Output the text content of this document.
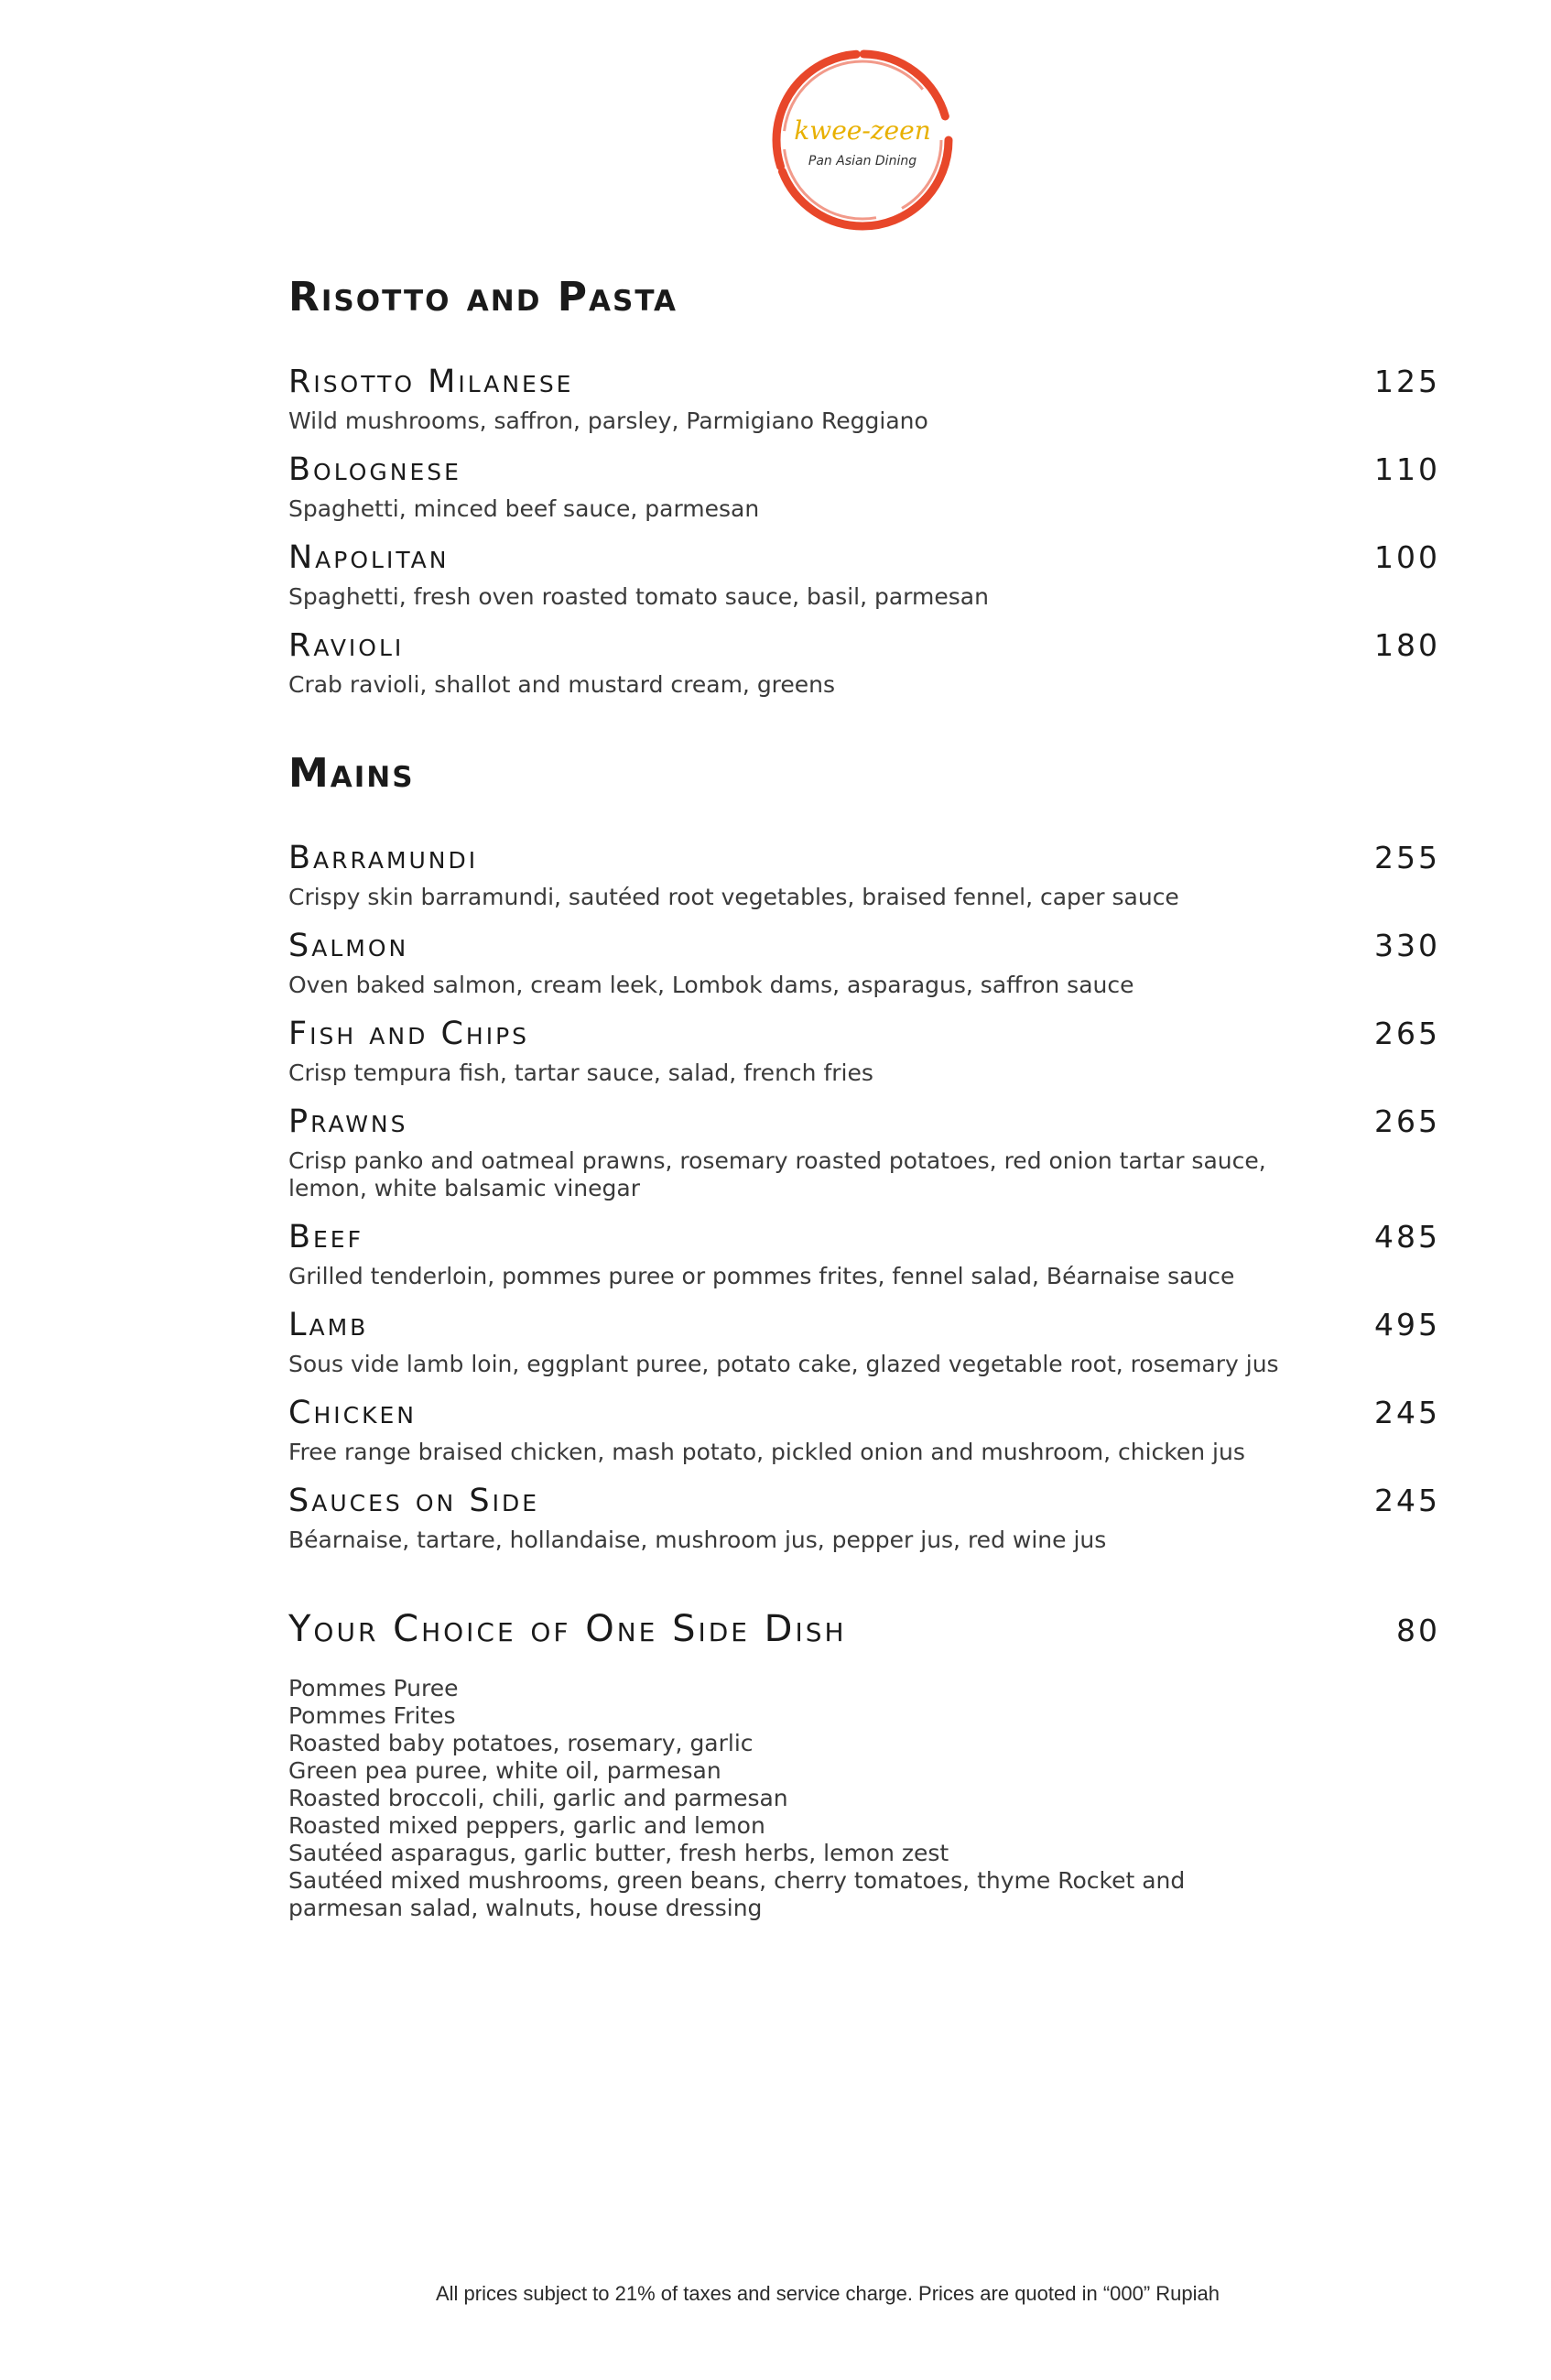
kwee-zeen
Pan Asian Dining
Risotto and Pasta
Risotto Milanese	125
Wild mushrooms, saffron, parsley, Parmigiano Reggiano
Bolognese	110
Spaghetti, minced beef sauce, parmesan
Napolitan	100
Spaghetti, fresh oven roasted tomato sauce, basil, parmesan
Ravioli	180
Crab ravioli, shallot and mustard cream, greens
Mains
Barramundi	255
Crispy skin barramundi, sautéed root vegetables, braised fennel, caper sauce
Salmon	330
Oven baked salmon, cream leek, Lombok dams, asparagus, saffron sauce
Fish and Chips	265
Crisp tempura fish, tartar sauce, salad, french fries
Prawns	265
Crisp panko and oatmeal prawns, rosemary roasted potatoes, red onion tartar sauce, lemon, white balsamic vinegar
Beef	485
Grilled tenderloin, pommes puree or pommes frites, fennel salad, Béarnaise sauce
Lamb	495
Sous vide lamb loin, eggplant puree, potato cake, glazed vegetable root, rosemary jus
Chicken	245
Free range braised chicken, mash potato, pickled onion and mushroom, chicken jus
Sauces on Side	245
Béarnaise, tartare, hollandaise, mushroom jus, pepper jus, red wine jus
Your Choice of One Side Dish	80
Pommes Puree
Pommes Frites
Roasted baby potatoes, rosemary, garlic
Green pea puree, white oil, parmesan
Roasted broccoli, chili, garlic and parmesan
Roasted mixed peppers, garlic and lemon
Sautéed asparagus, garlic butter, fresh herbs, lemon zest
Sautéed mixed mushrooms, green beans, cherry tomatoes, thyme Rocket and
parmesan salad, walnuts, house dressing
All prices subject to 21% of taxes and service charge. Prices are quoted in “000” Rupiah
